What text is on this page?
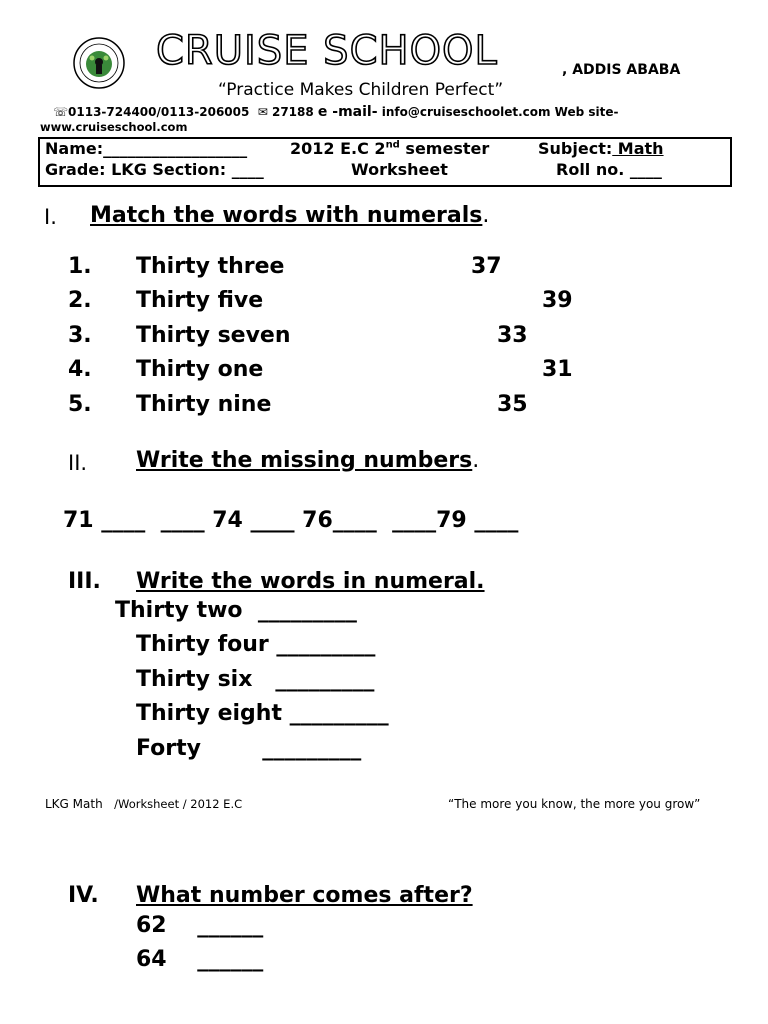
CRUISE SCHOOL	, ADDIS ABABA
“Practice Makes Children Perfect”
☏0113-724400/0113-206005 ✉ 27188 e -mail- info@cruiseschoolet.com Web site-
www.cruiseschool.com
Name:__________________	2012 E.C 2nd semester	Subject: Math
Grade: LKG Section: ____	Worksheet	Roll no. ____
I. Match the words with numerals.
1. Thirty three	37
2. Thirty five	39
3. Thirty seven	33
4. Thirty one	31
5. Thirty nine	35
II. Write the missing numbers.
71 ____  ____ 74 ____ 76____  ____79 ____
III. Write the words in numeral.
Thirty two  _________
Thirty four _________
Thirty six   _________
Thirty eight _________
Forty        _________
LKG Math /Worksheet / 2012 E.C	“The more you know, the more you grow”
IV. What number comes after?
62    ______
64    ______
